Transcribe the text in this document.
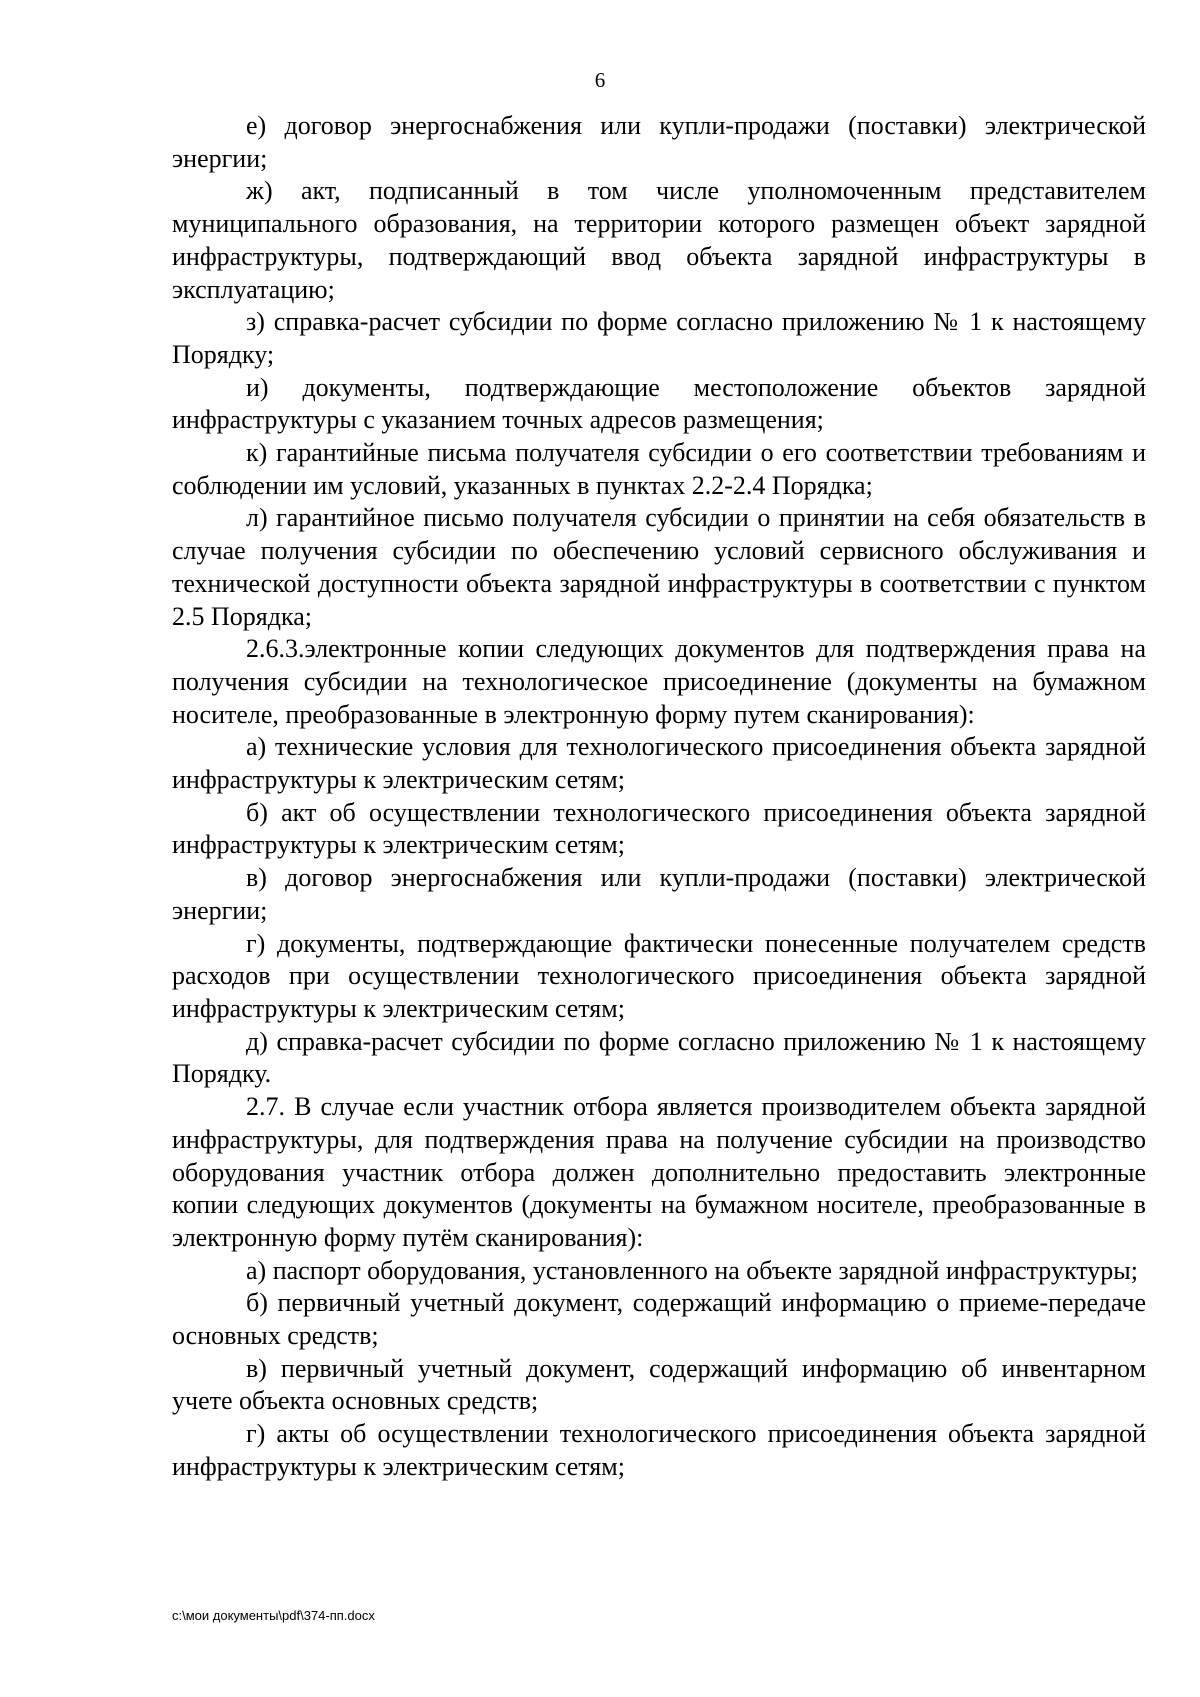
6

е) договор энергоснабжения или купли-продажи (поставки) электрической энергии;

ж) акт, подписанный в том числе уполномоченным представителем муниципального образования, на территории которого размещен объект зарядной инфраструктуры, подтверждающий ввод объекта зарядной инфраструктуры в эксплуатацию;

з) справка-расчет субсидии по форме согласно приложению № 1 к настоящему Порядку;

и) документы, подтверждающие местоположение объектов зарядной инфраструктуры с указанием точных адресов размещения;

к) гарантийные письма получателя субсидии о его соответствии требованиям и соблюдении им условий, указанных в пунктах 2.2-2.4 Порядка;

л) гарантийное письмо получателя субсидии о принятии на себя обязательств в случае получения субсидии по обеспечению условий сервисного обслуживания и технической доступности объекта зарядной инфраструктуры в соответствии с пунктом 2.5 Порядка;

2.6.3.электронные копии следующих документов для подтверждения права на получения субсидии на технологическое присоединение (документы на бумажном носителе, преобразованные в электронную форму путем сканирования):

а) технические условия для технологического присоединения объекта зарядной инфраструктуры к электрическим сетям;

б) акт об осуществлении технологического присоединения объекта зарядной инфраструктуры к электрическим сетям;

в) договор энергоснабжения или купли-продажи (поставки) электрической энергии;

г) документы, подтверждающие фактически понесенные получателем средств расходов при осуществлении технологического присоединения объекта зарядной инфраструктуры к электрическим сетям;

д) справка-расчет субсидии по форме согласно приложению № 1 к настоящему Порядку.

2.7. В случае если участник отбора является производителем объекта зарядной инфраструктуры, для подтверждения права на получение субсидии на производство оборудования участник отбора должен дополнительно предоставить электронные копии следующих документов (документы на бумажном носителе, преобразованные в электронную форму путём сканирования):

а) паспорт оборудования, установленного на объекте зарядной инфраструктуры;

б) первичный учетный документ, содержащий информацию о приеме-передаче основных средств;

в) первичный учетный документ, содержащий информацию об инвентарном учете объекта основных средств;

г) акты об осуществлении технологического присоединения объекта зарядной инфраструктуры к электрическим сетям;

c:\мои документы\pdf\374-пп.docx
